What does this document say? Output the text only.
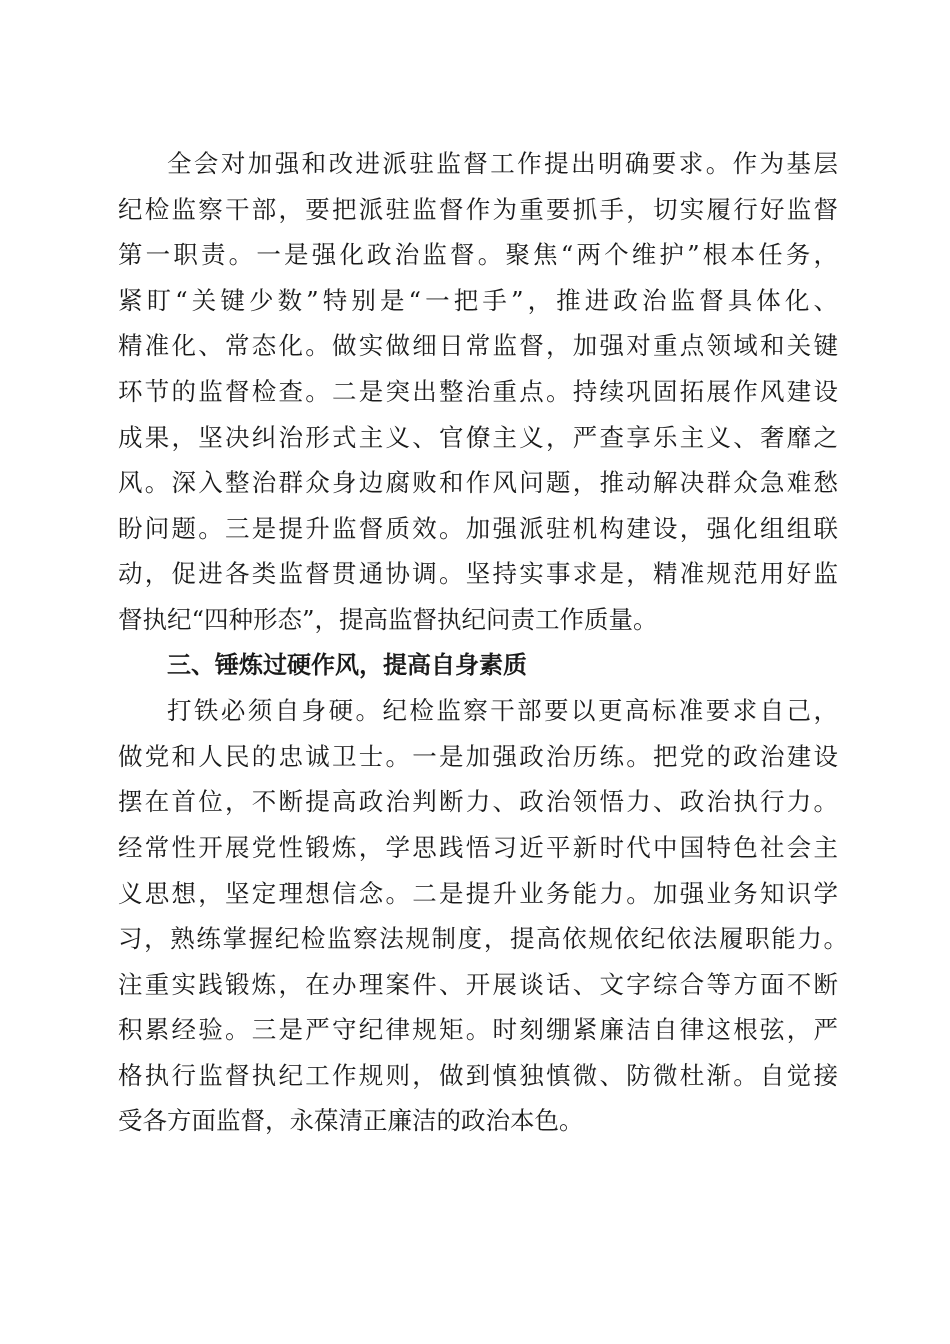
全会对加强和改进派驻监督工作提出明确要求。作为基层
纪检监察干部，要把派驻监督作为重要抓手，切实履行好监督
第一职责。一是强化政治监督。聚焦“两个维护”根本任务，
紧盯“关键少数”特别是“一把手”，推进政治监督具体化、
精准化、常态化。做实做细日常监督，加强对重点领域和关键
环节的监督检查。二是突出整治重点。持续巩固拓展作风建设
成果，坚决纠治形式主义、官僚主义，严查享乐主义、奢靡之
风。深入整治群众身边腐败和作风问题，推动解决群众急难愁
盼问题。三是提升监督质效。加强派驻机构建设，强化组组联
动，促进各类监督贯通协调。坚持实事求是，精准规范用好监
督执纪“四种形态”，提高监督执纪问责工作质量。
三、锤炼过硬作风，提高自身素质
打铁必须自身硬。纪检监察干部要以更高标准要求自己，
做党和人民的忠诚卫士。一是加强政治历练。把党的政治建设
摆在首位，不断提高政治判断力、政治领悟力、政治执行力。
经常性开展党性锻炼，学思践悟习近平新时代中国特色社会主
义思想，坚定理想信念。二是提升业务能力。加强业务知识学
习，熟练掌握纪检监察法规制度，提高依规依纪依法履职能力。
注重实践锻炼，在办理案件、开展谈话、文字综合等方面不断
积累经验。三是严守纪律规矩。时刻绷紧廉洁自律这根弦，严
格执行监督执纪工作规则，做到慎独慎微、防微杜渐。自觉接
受各方面监督，永葆清正廉洁的政治本色。
